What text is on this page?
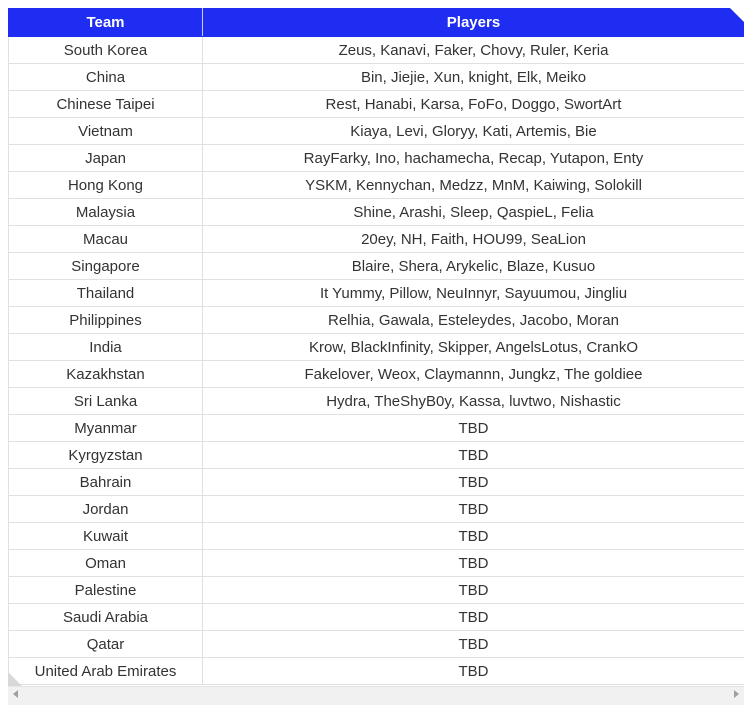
Team	Players
South Korea	Zeus, Kanavi, Faker, Chovy, Ruler, Keria
China	Bin, Jiejie, Xun, knight, Elk, Meiko
Chinese Taipei	Rest, Hanabi, Karsa, FoFo, Doggo, SwortArt
Vietnam	Kiaya, Levi, Gloryy, Kati, Artemis, Bie
Japan	RayFarky, Ino, hachamecha, Recap, Yutapon, Enty
Hong Kong	YSKM, Kennychan, Medzz, MnM, Kaiwing, Solokill
Malaysia	Shine, Arashi, Sleep, QaspieL, Felia
Macau	20ey, NH, Faith, HOU99, SeaLion
Singapore	Blaire, Shera, Arykelic, Blaze, Kusuo
Thailand	It Yummy, Pillow, NeuInnyr, Sayuumou, Jingliu
Philippines	Relhia, Gawala, Esteleydes, Jacobo, Moran
India	Krow, BlackInfinity, Skipper, AngelsLotus, CrankO
Kazakhstan	Fakelover, Weox, Claymannn, Jungkz, The goldiee
Sri Lanka	Hydra, TheShyB0y, Kassa, luvtwo, Nishastic
Myanmar	TBD
Kyrgyzstan	TBD
Bahrain	TBD
Jordan	TBD
Kuwait	TBD
Oman	TBD
Palestine	TBD
Saudi Arabia	TBD
Qatar	TBD
United Arab Emirates	TBD
